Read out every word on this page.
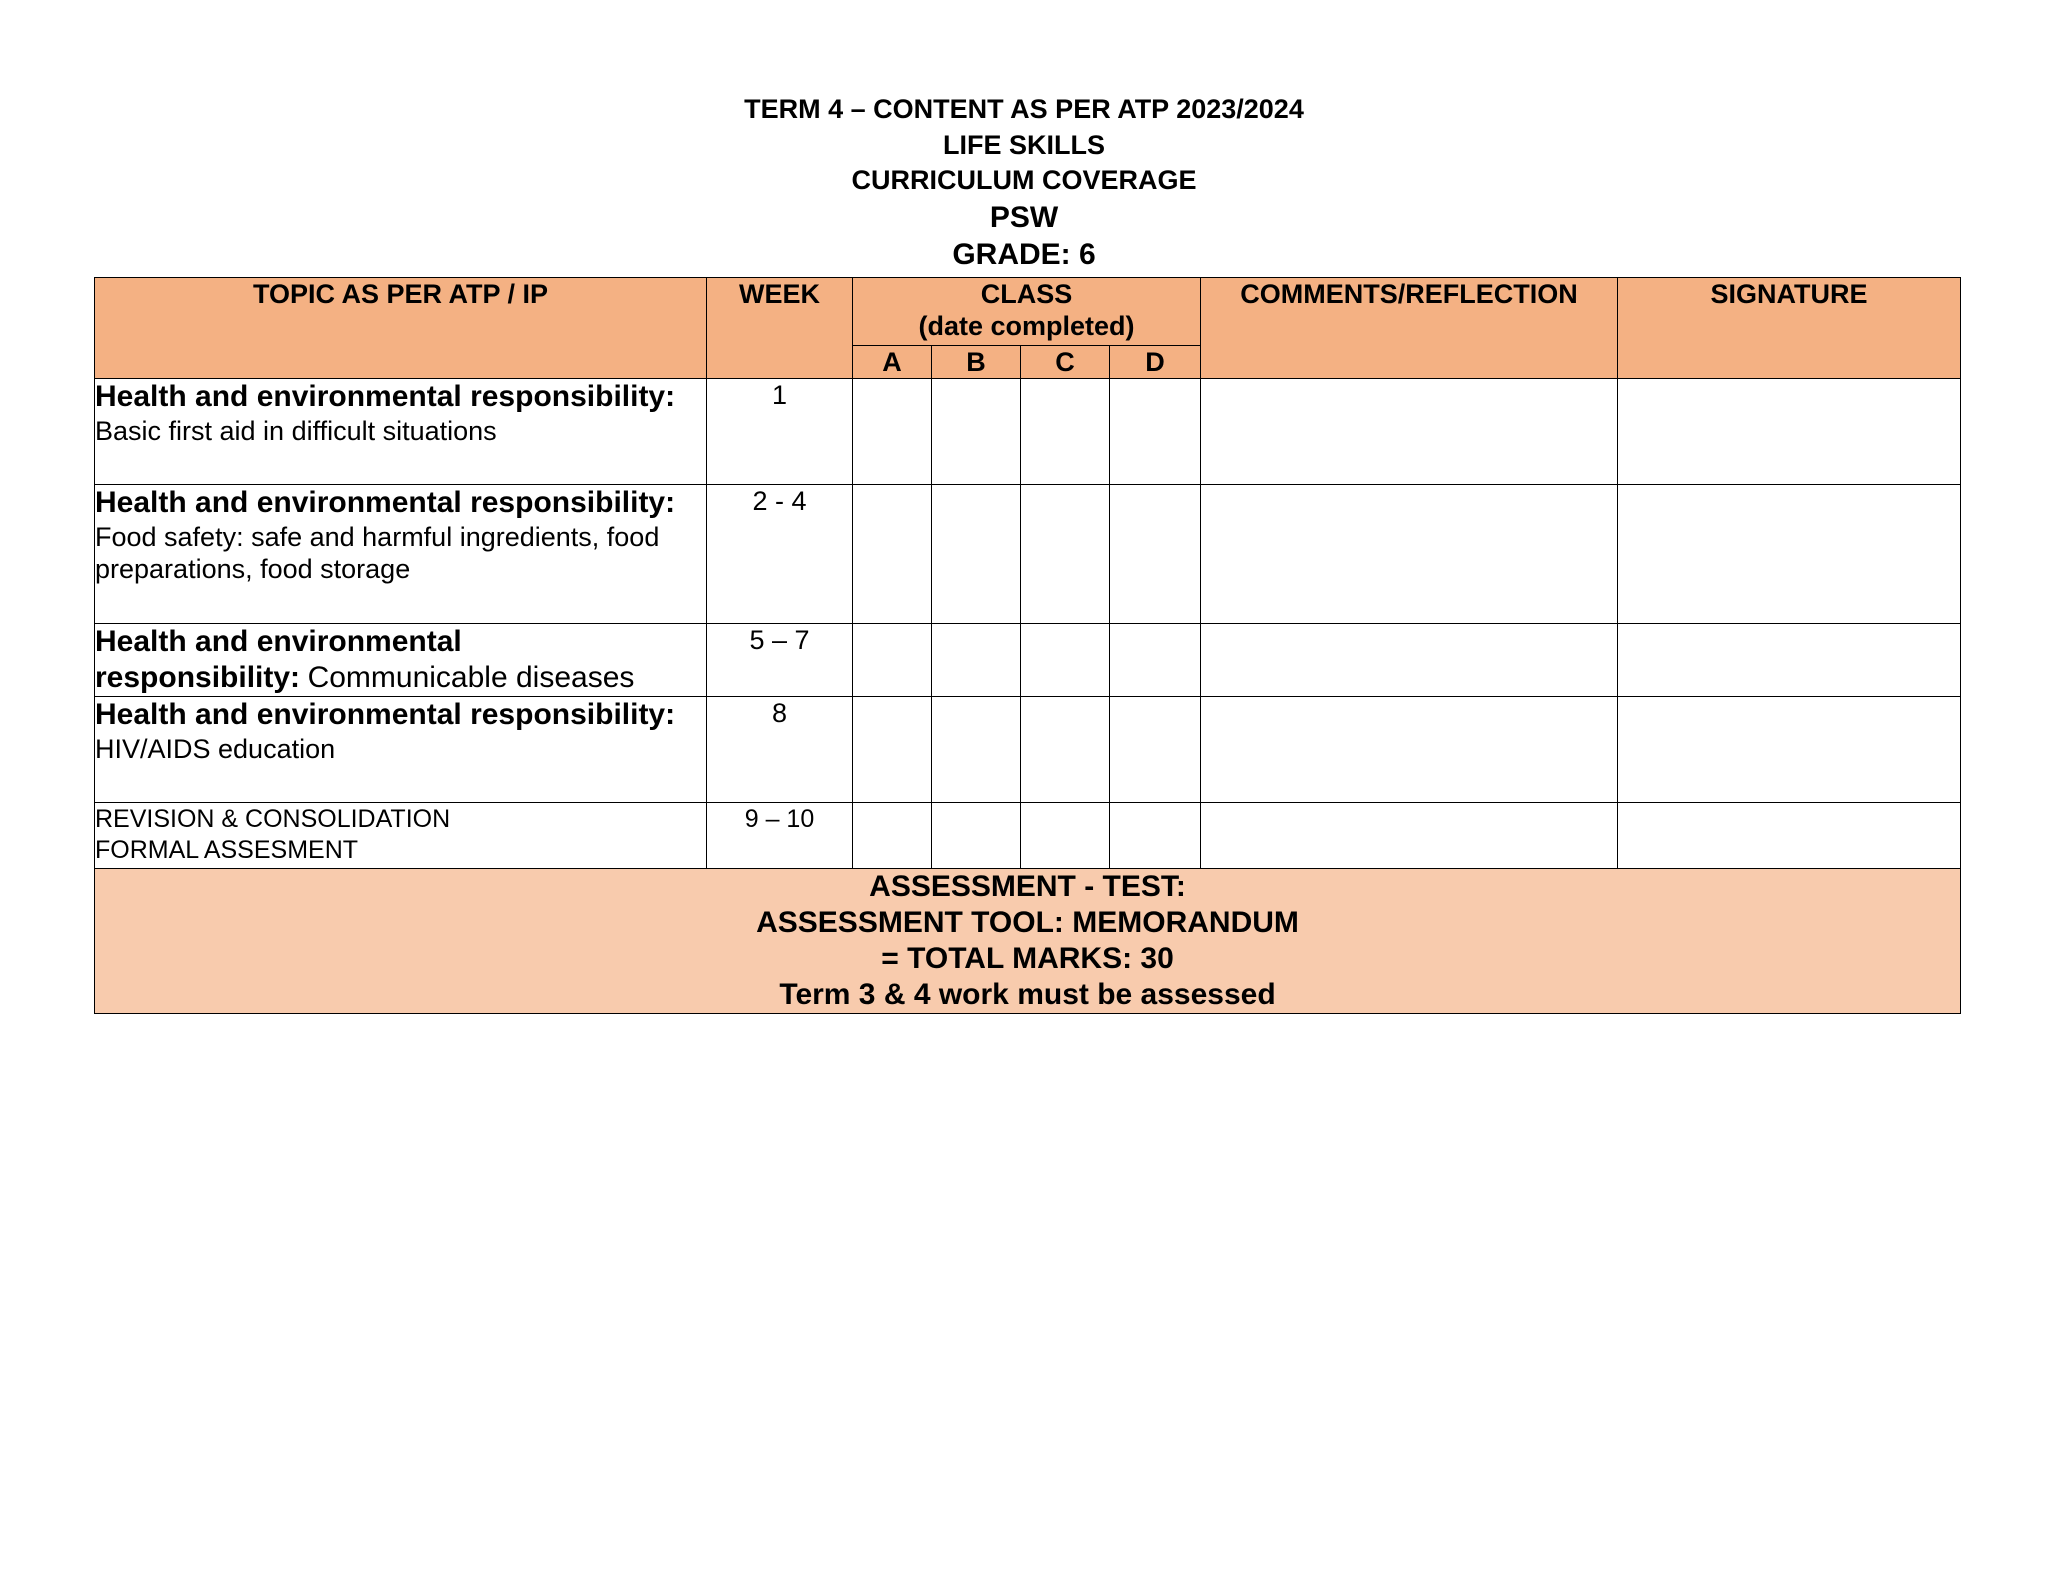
TERM 4 – CONTENT AS PER ATP 2023/2024
LIFE SKILLS
CURRICULUM COVERAGE
PSW
GRADE: 6
TOPIC AS PER ATP / IP	WEEK	CLASS
(date completed)				COMMENTS/REFLECTION	SIGNATURE
		A	B	C	D		

Health and environmental responsibility:
Basic first aid in difficult situations	1						

Health and environmental responsibility:
Food safety: safe and harmful ingredients, food preparations, food storage	2 - 4						

Health and environmental
responsibility: Communicable diseases	5 – 7						

Health and environmental responsibility:
HIV/AIDS education	8						

REVISION & CONSOLIDATION
FORMAL ASSESMENT	9 – 10						

ASSESSMENT - TEST:
ASSESSMENT TOOL: MEMORANDUM
= TOTAL MARKS: 30
Term 3 & 4 work must be assessed							
